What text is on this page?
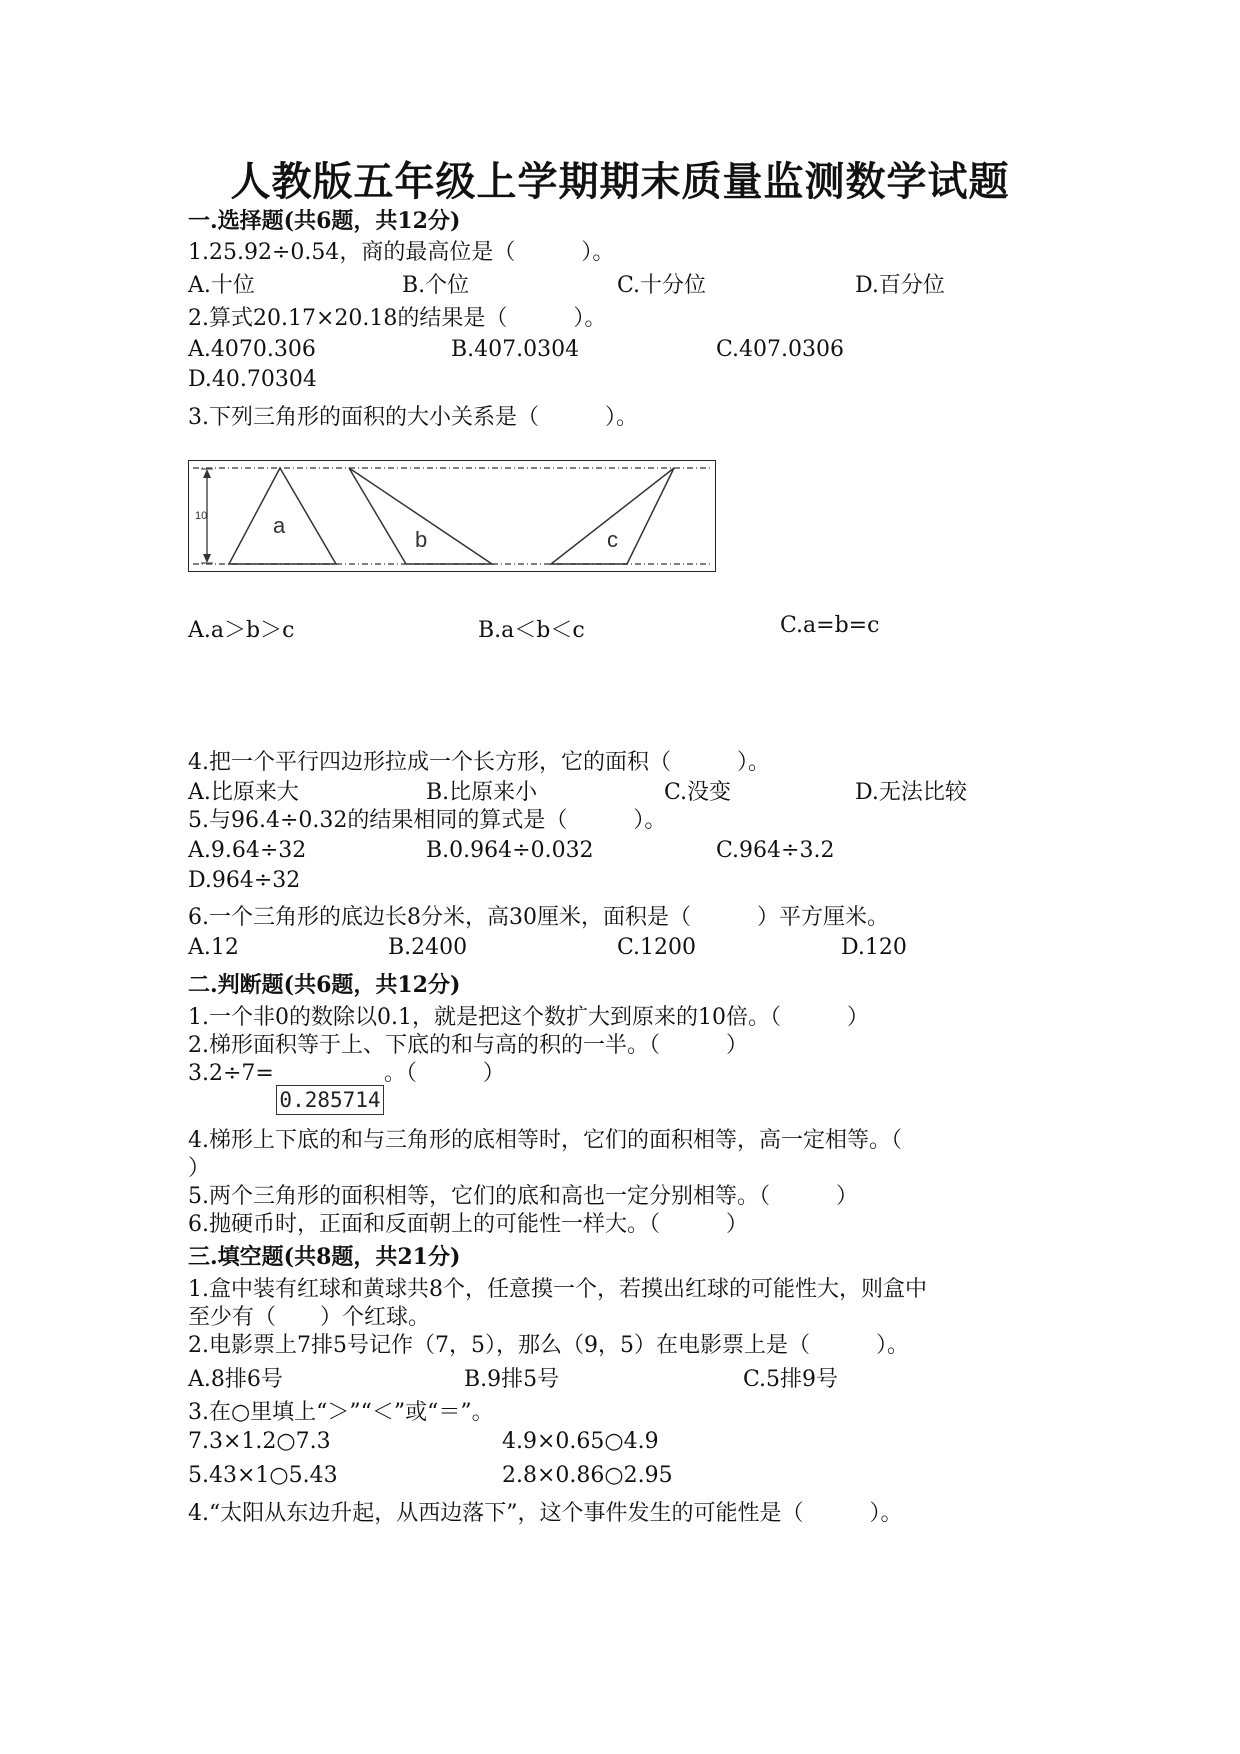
人教版五年级上学期期末质量监测数学试题
一.选择题(共6题，共12分)
1.25.92÷0.54，商的最高位是（　　　）。
A.十位	B.个位	C.十分位	D.百分位
2.算式20.17×20.18的结果是（　　　）。
A.4070.306	B.407.0304	C.407.0306
D.40.70304
3.下列三角形的面积的大小关系是（　　　）。
10	a
b	c
A.a＞b＞c	B.a＜b＜c	C.a=b=c
4.把一个平行四边形拉成一个长方形，它的面积（　　　）。
A.比原来大	B.比原来小	C.没变	D.无法比较
5.与96.4÷0.32的结果相同的算式是（　　　）。
A.9.64÷32	B.0.964÷0.032	C.964÷3.2
D.964÷32
6.一个三角形的底边长8分米，高30厘米，面积是（　　　）平方厘米。
A.12	B.2400	C.1200	D.120
二.判断题(共6题，共12分)
1.一个非0的数除以0.1，就是把这个数扩大到原来的10倍。（　　　）
2.梯形面积等于上、下底的和与高的积的一半。（　　　）
3.2÷7=　　　　　。（　　　）
0.285714
4.梯形上下底的和与三角形的底相等时，它们的面积相等，高一定相等。（
）
5.两个三角形的面积相等，它们的底和高也一定分别相等。（　　　）
6.抛硬币时，正面和反面朝上的可能性一样大。（　　　）
三.填空题(共8题，共21分)
1.盒中装有红球和黄球共8个，任意摸一个，若摸出红球的可能性大，则盒中
至少有（　　）个红球。
2.电影票上7排5号记作（7，5），那么（9，5）在电影票上是（　　　）。
A.8排6号	B.9排5号	C.5排9号
3.在○里填上“＞”“＜”或“＝”。
7.3×1.2○7.3	4.9×0.65○4.9
5.43×1○5.43	2.8×0.86○2.95
4.“太阳从东边升起，从西边落下”，这个事件发生的可能性是（　　　）。
